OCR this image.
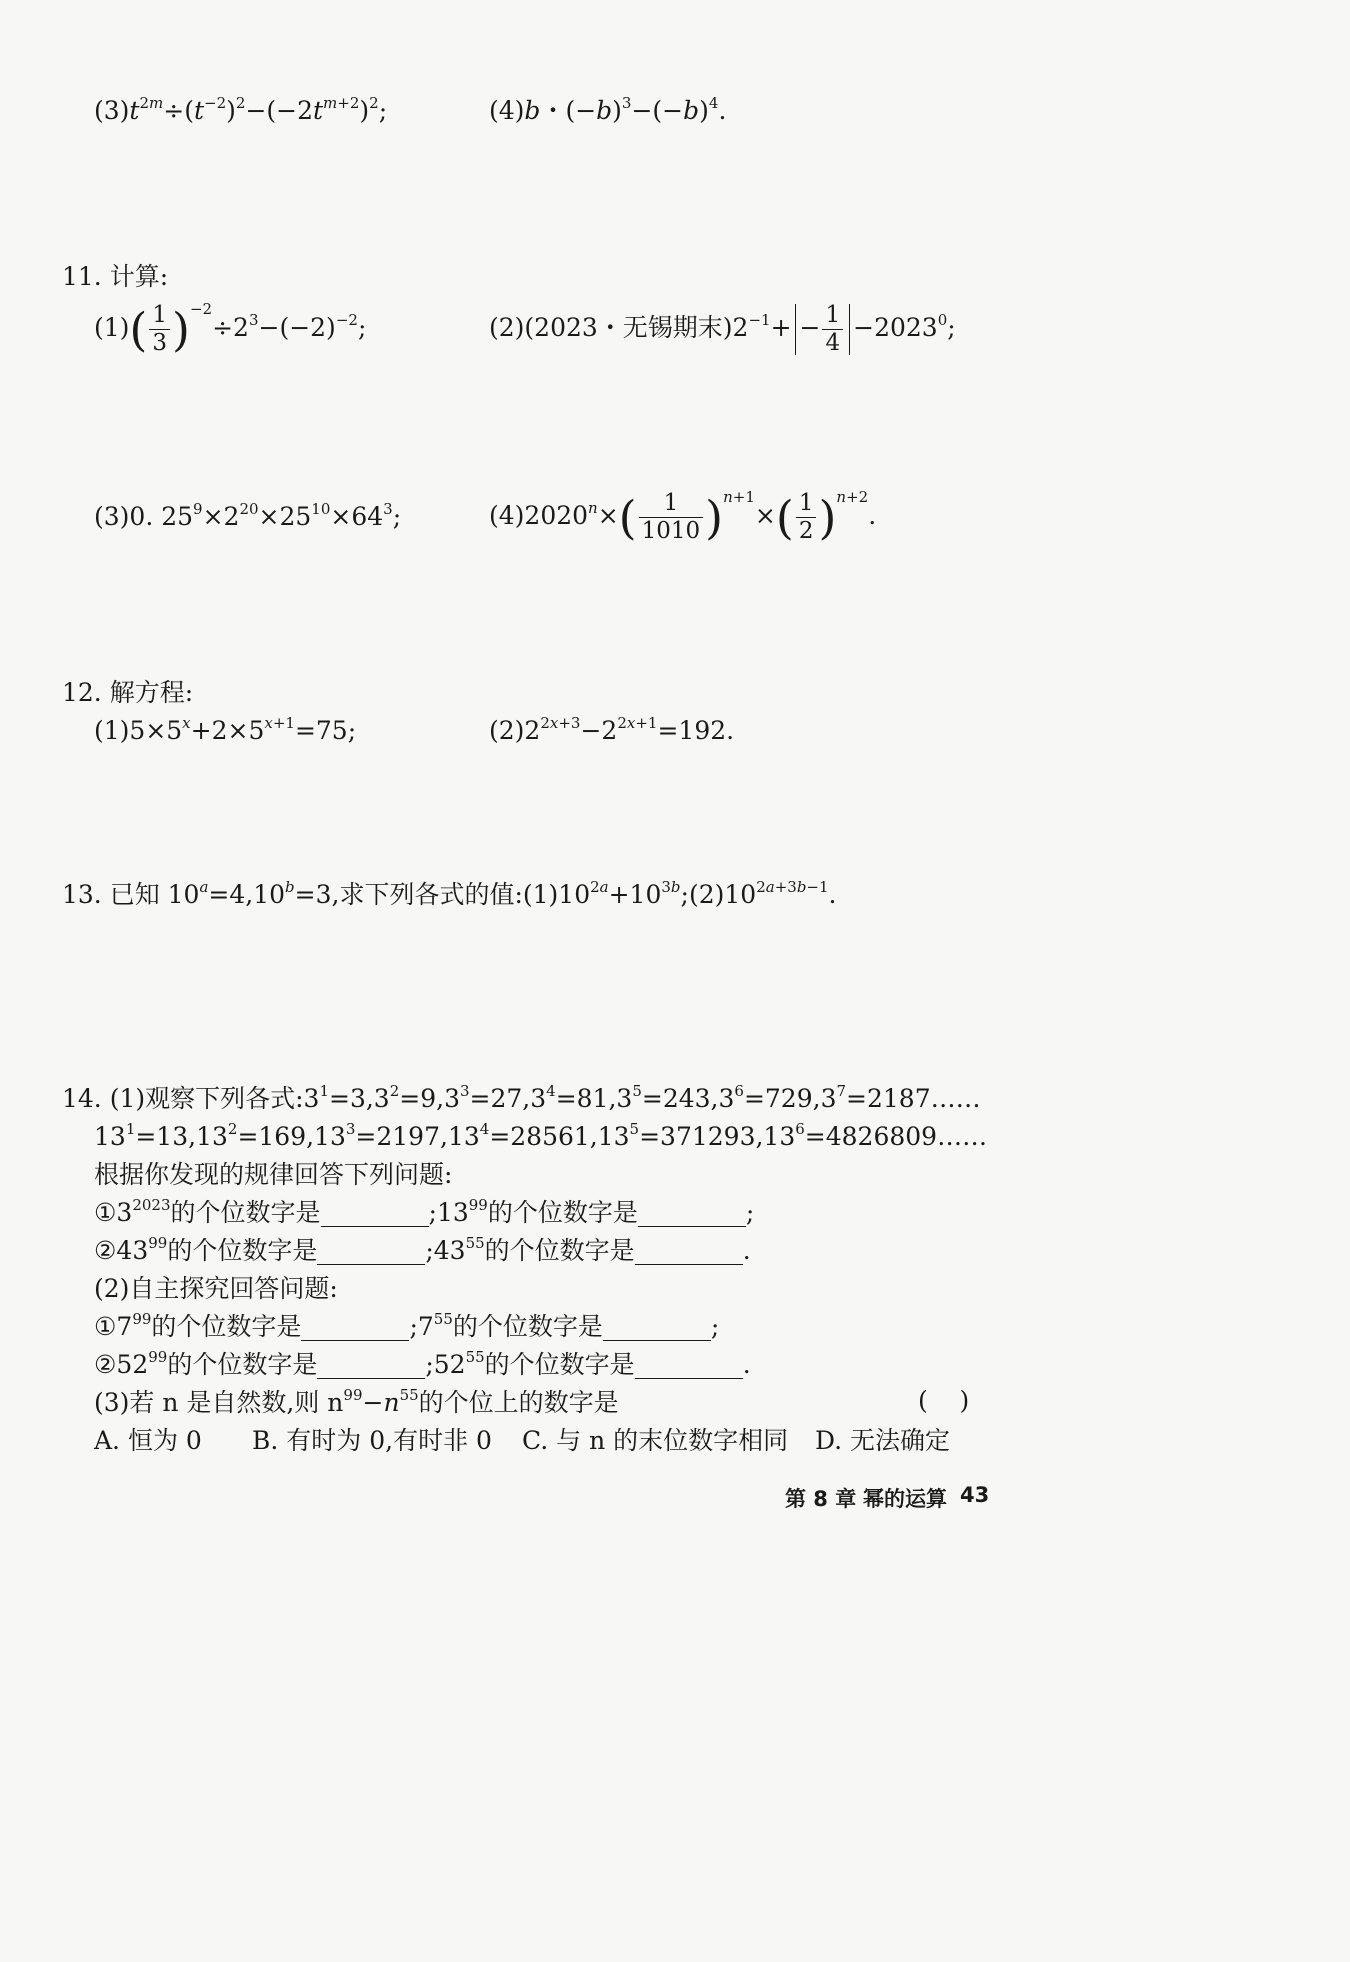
$(3)t^{2m}\div(t^{-2})^2-(-2t^{m+2})^2$;	(4)b・$(-b)^3-(-b)^4$.
11. 计算:
$(1)( \frac{1}{3} )^{-2}\div 2^3-(-2)^{-2}$;	(2)(2023・无锡期末)$2^{-1}+ - \frac{1}{4} -2023^0$;
(3)0. $25^9\times 2^{20}\times 25^{10}\times 64^3$;	$(4)2020^n\times( \frac{1}{1010} )^{n+1}\times( \frac{1}{2} )^{n+2}$.
12. 解方程:
$(1)5\times 5^x+2\times 5^{x+1}=75$;	$(2)2^{2x+3}-2^{2x+1}=192$.
13. 已知 $10^a=4,10^b=3$,求下列各式的值$:(1)10^{2a}+10^{3b};(2)10^{2a+3b-1}$.
14. (1)观察下列各式$:3^1=3,3^2=9,3^3=27,3^4=81,3^5=243,3^6=729,3^7=2187\dots\dots$
$13^1=13,13^2=169,13^3=2197,13^4=28561,13^5=371293,13^6=4826809\dots\dots$
根据你发现的规律回答下列问题:
$①3^{2023}$的个位数字是	$;13^{99}$的个位数字是	;
$②43^{99}$的个位数字是	$;43^{55}$的个位数字是	.
(2)自主探究回答问题:
$①7^{99}$的个位数字是	$;7^{55}$的个位数字是	;
$②52^{99}$的个位数字是	$;52^{55}$的个位数字是	.
(3)若 n 是自然数,则 $n^{99}-n^{55}$的个位上的数字是	(    )
A. 恒为 0 B. 有时为 0,有时非 0 C. 与 n 的末位数字相同 D. 无法确定
第 8 章 幂的运算 43
